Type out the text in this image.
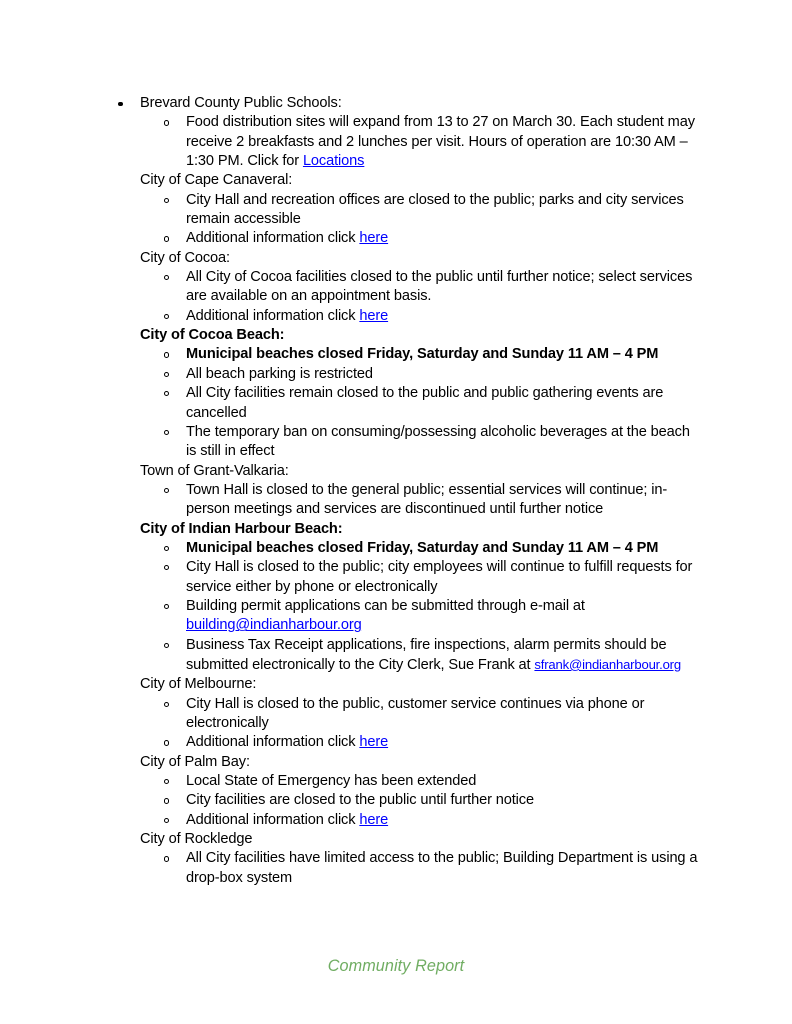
Brevard County Public Schools:
Food distribution sites will expand from 13 to 27 on March 30. Each student may receive 2 breakfasts and 2 lunches per visit. Hours of operation are 10:30 AM – 1:30 PM. Click for Locations
City of Cape Canaveral:
City Hall and recreation offices are closed to the public; parks and city services remain accessible
Additional information click here
City of Cocoa:
All City of Cocoa facilities closed to the public until further notice; select services are available on an appointment basis.
Additional information click here
City of Cocoa Beach:
Municipal beaches closed Friday, Saturday and Sunday 11 AM – 4 PM
All beach parking is restricted
All City facilities remain closed to the public and public gathering events are cancelled
The temporary ban on consuming/possessing alcoholic beverages at the beach is still in effect
Town of Grant-Valkaria:
Town Hall is closed to the general public; essential services will continue; in-person meetings and services are discontinued until further notice
City of Indian Harbour Beach:
Municipal beaches closed Friday, Saturday and Sunday 11 AM – 4 PM
City Hall is closed to the public; city employees will continue to fulfill requests for service either by phone or electronically
Building permit applications can be submitted through e-mail at building@indianharbour.org
Business Tax Receipt applications, fire inspections, alarm permits should be submitted electronically to the City Clerk, Sue Frank at sfrank@indianharbour.org
City of Melbourne:
City Hall is closed to the public, customer service continues via phone or electronically
Additional information click here
City of Palm Bay:
Local State of Emergency has been extended
City facilities are closed to the public until further notice
Additional information click here
City of Rockledge
All City facilities have limited access to the public; Building Department is using a drop-box system
Community Report
